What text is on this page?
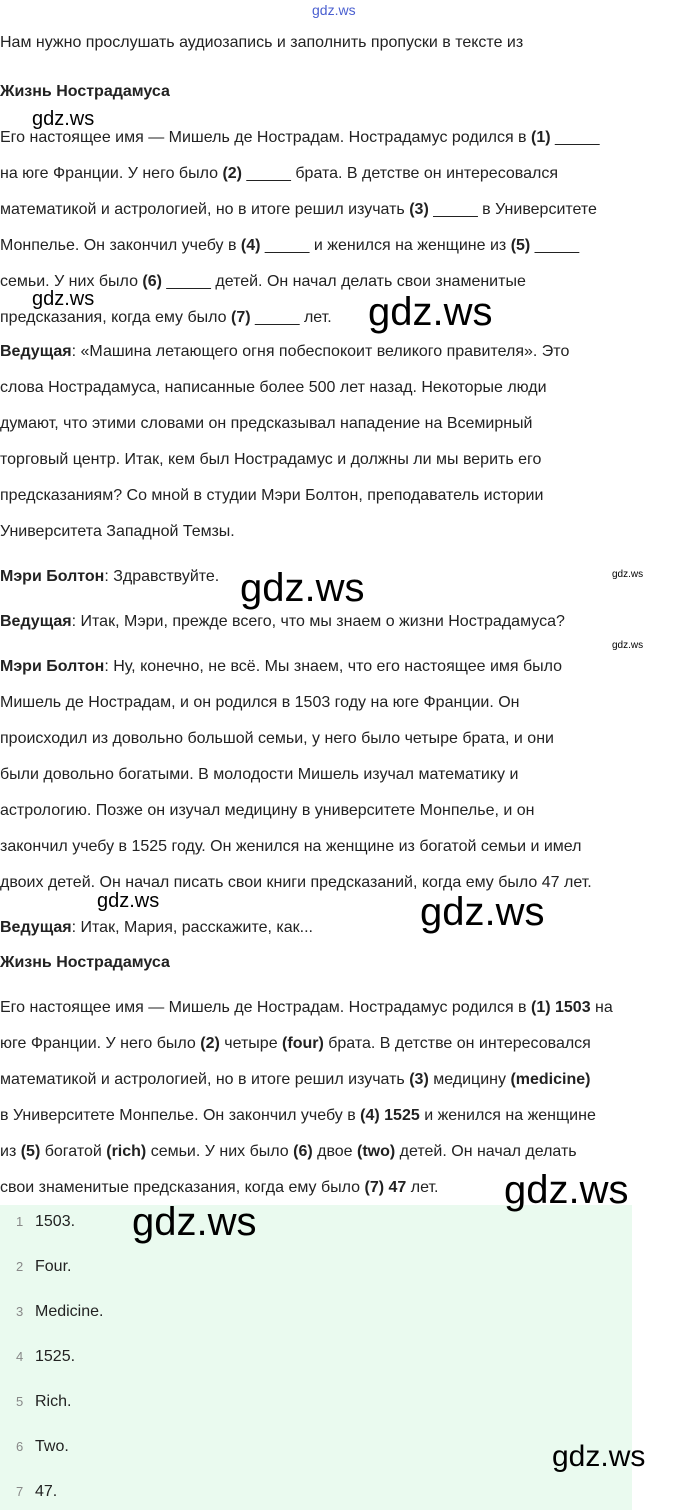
gdz.ws
gdz.ws
gdz.ws	gdz.ws
gdz.ws	gdz.ws
gdz.ws
gdz.ws	gdz.ws
Нам нужно прослушать аудиозапись и заполнить пропуски в тексте из
Жизнь Нострадамуса
Его настоящее имя — Мишель де Нострадам. Нострадамус родился в (1) _____
на юге Франции. У него было (2) _____ брата. В детстве он интересовался
математикой и астрологией, но в итоге решил изучать (3) _____ в Университете
Монпелье. Он закончил учебу в (4) _____ и женился на женщине из (5) _____
семьи. У них было (6) _____ детей. Он начал делать свои знаменитые
предсказания, когда ему было (7) _____ лет.
Ведущая: «Машина летающего огня побеспокоит великого правителя». Это
слова Нострадамуса, написанные более 500 лет назад. Некоторые люди
думают, что этими словами он предсказывал нападение на Всемирный
торговый центр. Итак, кем был Нострадамус и должны ли мы верить его
предсказаниям? Со мной в студии Мэри Болтон, преподаватель истории
Университета Западной Темзы.
Мэри Болтон: Здравствуйте.
Ведущая: Итак, Мэри, прежде всего, что мы знаем о жизни Нострадамуса?
Мэри Болтон: Ну, конечно, не всё. Мы знаем, что его настоящее имя было
Мишель де Нострадам, и он родился в 1503 году на юге Франции. Он
происходил из довольно большой семьи, у него было четыре брата, и они
были довольно богатыми. В молодости Мишель изучал математику и
астрологию. Позже он изучал медицину в университете Монпелье, и он
закончил учебу в 1525 году. Он женился на женщине из богатой семьи и имел
двоих детей. Он начал писать свои книги предсказаний, когда ему было 47 лет.
Ведущая: Итак, Мария, расскажите, как...
Жизнь Нострадамуса
Его настоящее имя — Мишель де Нострадам. Нострадамус родился в (1) 1503 на
юге Франции. У него было (2) четыре (four) брата. В детстве он интересовался
математикой и астрологией, но в итоге решил изучать (3) медицину (medicine)
в Университете Монпелье. Он закончил учебу в (4) 1525 и женился на женщине
из (5) богатой (rich) семьи. У них было (6) двое (two) детей. Он начал делать
свои знаменитые предсказания, когда ему было (7) 47 лет.
1 1503.
2 Four.
3 Medicine.
4 1525.
5 Rich.
6 Two.
7 47.
gdz.ws
gdz.ws
gdz.ws
